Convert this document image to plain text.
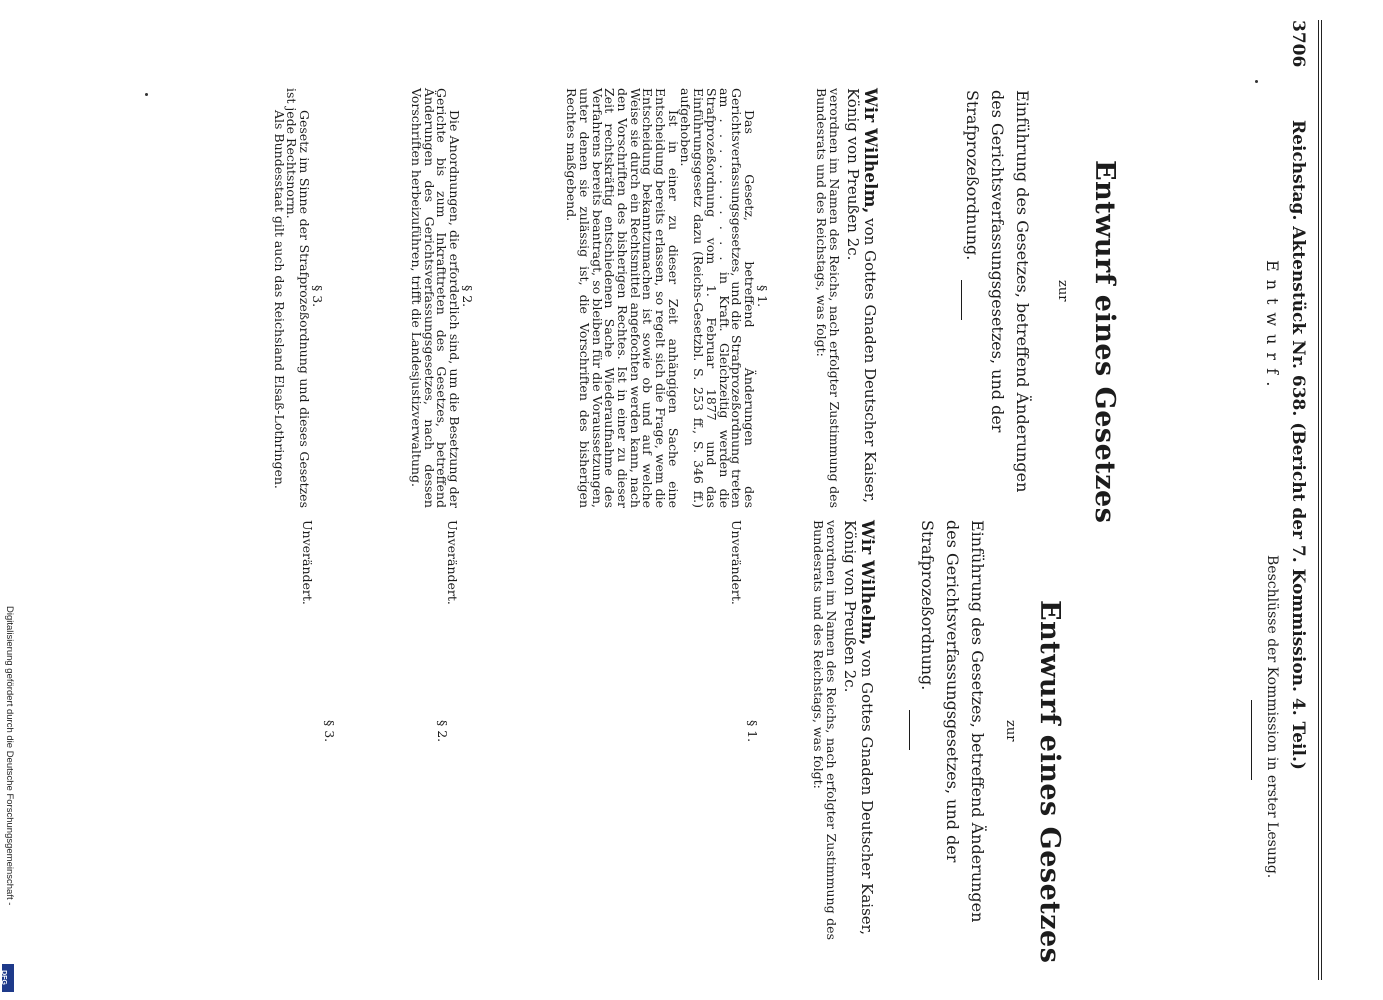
3706
Reichstag. Aktenstück Nr. 638. (Bericht der 7. Kommission. 4. Teil.)
Entwurf.
Beschlüsse der Kommission in erster Lesung.
Entwurf eines Gesetzes
zur
Einführung des Gesetzes, betreffend Änderungen des Gerichtsverfassungsgesetzes, und der Strafprozeßordnung.
Wir Wilhelm, von Gottes Gnaden Deutscher Kaiser, König von Preußen 2c.

verordnen im Namen des Reichs, nach erfolgter Zustimmung des Bundesrats und des Reichstags, was folgt:

§ 1.

Das Gesetz, betreffend Änderungen des Gerichtsverfassungsgesetzes, und die Strafprozeßordnung treten am . . . . . . . . . . in Kraft. Gleichzeitig werden die Strafprozeßordnung vom 1. Februar 1877 und das Einführungsgesetz dazu (Reichs-Gesetzbl. S. 253 ff., S. 346 ff.) aufgehoben.

Ist in einer zu dieser Zeit anhängigen Sache eine Entscheidung bereits erlassen, so regelt sich die Frage, wem die Entscheidung bekanntzumachen ist sowie ob und auf welche Weise sie durch ein Rechtsmittel angefochten werden kann, nach den Vorschriften des bisherigen Rechtes. Ist in einer zu dieser Zeit rechtskräftig entschiedenen Sache Wiederaufnahme des Verfahrens bereits beantragt, so bleiben für die Voraussetzungen, unter denen sie zulässig ist, die Vorschriften des bisherigen Rechtes maßgebend.

§ 2.

Die Anordnungen, die erforderlich sind, um die Besetzung der Gerichte bis zum Inkrafttreten des Gesetzes, betreffend Änderungen des Gerichtsverfassungsgesetzes, nach dessen Vorschriften herbeizuführen, trifft die Landesjustizverwaltung.

§ 3.

Gesetz im Sinne der Strafprozeßordnung und dieses Gesetzes ist jede Rechtsnorm.

Als Bundesstaat gilt auch das Reichsland Elsaß-Lothringen.

Entwurf eines Gesetzes
zur
Einführung des Gesetzes, betreffend Änderungen des Gerichtsverfassungsgesetzes, und der Strafprozeßordnung.
Wir Wilhelm, von Gottes Gnaden Deutscher Kaiser, König von Preußen 2c.

verordnen im Namen des Reichs, nach erfolgter Zustimmung des Bundesrats und des Reichstags, was folgt:

§ 1.
Unverändert.
§ 2.
Unverändert.
§ 3.
Unverändert.
Digitalisierung gefördert durch die Deutsche Forschungsgemeinschaft -
DFG
